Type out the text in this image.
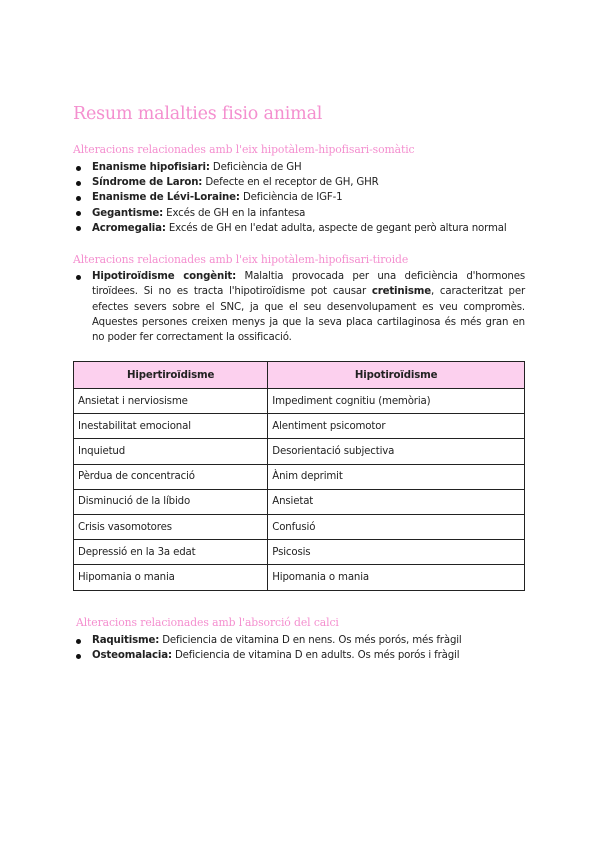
Resum malalties fisio animal
Alteracions relacionades amb l'eix hipotàlem-hipofisari-somàtic
Enanisme hipofisiari: Deficiència de GH
Síndrome de Laron: Defecte en el receptor de GH, GHR
Enanisme de Lévi-Loraine: Deficiència de IGF-1
Gegantisme: Excés de GH en la infantesa
Acromegalia: Excés de GH en l'edat adulta, aspecte de gegant però altura normal
Alteracions relacionades amb l'eix hipotàlem-hipofisari-tiroide
Hipotiroïdisme congènit: Malaltia provocada per una deficiència d'hormones tiroïdees. Si no es tracta l'hipotiroïdisme pot causar cretinisme, caracteritzat per efectes severs sobre el SNC, ja que el seu desenvolupament es veu compromès. Aquestes persones creixen menys ja que la seva placa cartilaginosa és més gran en no poder fer correctament la ossificació.
Hipertiroïdisme	Hipotiroïdisme
Ansietat i nerviosisme	Impediment cognitiu (memòria)
Inestabilitat emocional	Alentiment psicomotor
Inquietud	Desorientació subjectiva
Pèrdua de concentració	Ànim deprimit
Disminució de la líbido	Ansietat
Crisis vasomotores	Confusió
Depressió en la 3a edat	Psicosis
Hipomania o mania	Hipomania o mania
Alteracions relacionades amb l'absorció del calci
Raquitisme: Deficiencia de vitamina D en nens. Os més porós, més fràgil
Osteomalacia: Deficiencia de vitamina D en adults. Os més porós i fràgil
